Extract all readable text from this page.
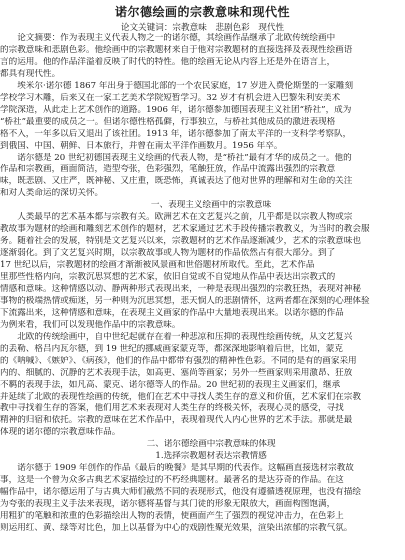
诺尔德绘画的宗教意味和现代性
论文关键词：宗教意味　悲剧色彩　现代性
　　论文摘要：作为表现主义代表人物之一的诺尔德，其绘画作品继承了北欧传统绘画中
的宗教意味和悲剧色彩。他绘画中的宗教题材来自于他对宗教题材的直接选择及表现性绘画语
言的运用。他的作品洋溢着反映了时代的特性。他的绘画无论从内容上还是外在语言上，
都具有现代性。
　　埃米尔·诺尔德 1867 年出身于德国北部的一个农民家庭，17 岁进入费伦斯堡的一家雕刻
学校学习木雕，后来又在一家工艺美术学院短暂学习。32 岁才有机会进入巴黎朱利安美术
学院深造，从此走上艺术创作的道路。1906 年，诺尔德参加德国表现主义社团“桥社”，成为
“桥社”最重要的成员之一。但诺尔德性格孤僻，行事独立，与桥社其他成员的激进表现格
格不入，一年多以后又退出了该社团。1913 年，诺尔德参加了南太平洋的一支科学考察队，
到俄国、中国、朝鲜、日本旅行，并曾在南太平洋作画数月。1956 年卒。
　　诺尔德是 20 世纪初德国表现主义绘画的代表人物，是“桥社”最有才华的成员之一。他的
作品和宗教画，画面简洁，造型夸张，色彩强烈，笔触狂放，作品中流露出强烈的宗教意
味，既悲剧、又庄严，既神秘、又庄重，既恐怖，真诚表达了他对世界的理解和对生命的关注
和对人类命运的深切关怀。
　　一、表现主义绘画中的宗教意味
　　人类最早的艺术基本都与宗教有关。欧洲艺术在文艺复兴之前，几乎都是以宗教人物或宗
教故事为题材的绘画和雕刻艺术创作的题材，艺术家通过艺术手段传播宗教教义，为当时的教会服
务。随着社会的发展，特别是文艺复兴以来，宗教题材的艺术作品逐渐减少，艺术的宗教意味也
逐渐弱化。到了文艺复兴时期，以宗教故事或人物为题材的作品依然占有很大部分。到了
17 世纪以后，宗教题材的绘画才渐渐被风景画和世俗题材所取代。至此，艺术作品
里那些性格内向，宗教沉思冥想的艺术家，依旧自觉或不自觉地从作品中表达出宗教式的
情感和意味。这种情感以动、静两种形式表现出来，一种是表现出强烈的宗教狂热，表现对神秘
事物的极端热情或痴迷，另一种则为沉思冥想，悲天悯人的悲剧情怀，这两者都在深刻的心理体验
下流露出来，这种情感和意味，在表现主义画家的作品中大量地表现出来。以诺尔德的作品
为例来看，我们可以发现他作品中的宗教意味。
　　北欧的传统绘画中，自中世纪起就存在着一种悲凉和压抑的表现性绘画传统，从文艺复兴
的丢勒、格吕内瓦尔德，到 19 世纪的挪威画家蒙克等，都深深地影响着后世，比如，蒙克
的《呐喊》、《嫉妒》、《病孩》，他们的作品中都带有强烈的精神性色彩。不同的是有的画家采用
内的、细腻的、沉静的艺术表现手法，如高更、塞尚等画家；另外一些画家则采用激昂、狂放
不羁的表现手法，如凡高、蒙克、诺尔德等人的作品。20 世纪初的表现主义画家们，继承
并延续了北欧的表现性绘画的传统，他们在艺术中寻找人类生存的意义和价值，艺术家们在宗教
教中寻找着生存的答案，他们用艺术来表现对人类生存的终极关怀，表现心灵的感受，寻找
精神的归宿和依托。宗教的意味在艺术作品中，表现着现代人内心世界的艺术手法。那就是最
体现的诺尔德的宗教意味作品。
　　二、诺尔德绘画中宗教意味的体现
　　1.选择宗教题材表达宗教情感
　　诺尔德于 1909 年创作的作品《最后的晚餐》是其早期的代表作。这幅画直接选材宗教故
事，这是一个曾为众多古典艺术家描绘过的不朽经典题材。最著名的是达芬奇的作品。在这
幅作品中，诺尔德运用了与古典大师们截然不同的表现形式，他没有遵循透视原理，也没有描绘
为夸张的表现主义手法来表现，诺尔德将基督与其门徒的形象无限放大，画面构图饱满，
用粗犷的笔触和浓重的色彩描绘出人物的表情，使画面产生了强烈的视觉冲击力，在色彩上
则运用红、黄、绿等对比色，加上以基督为中心的戏剧性聚光效果，渲染出浓郁的宗教气氛。
